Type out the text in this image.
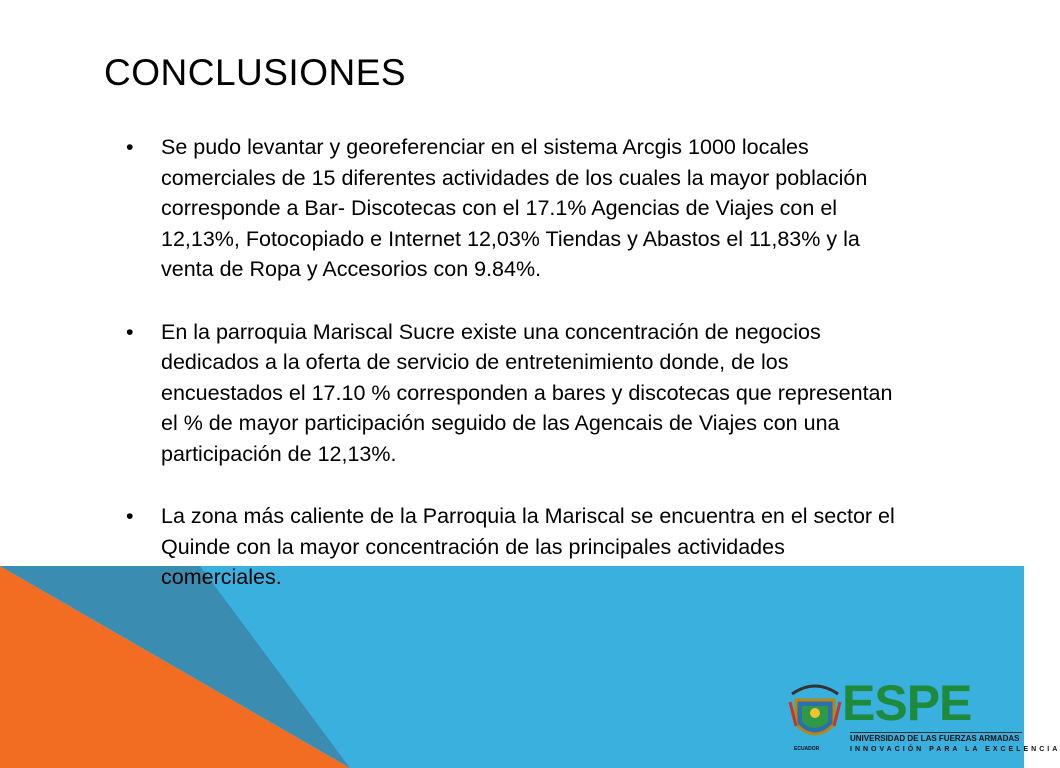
CONCLUSIONES
• Se pudo levantar y georeferenciar en el sistema Arcgis 1000 locales comerciales de 15 diferentes actividades de los cuales la mayor población corresponde a Bar- Discotecas con el 17.1% Agencias de Viajes con el 12,13%, Fotocopiado e Internet 12,03% Tiendas y Abastos el 11,83% y la venta de Ropa y Accesorios con 9.84%.
• En la parroquia Mariscal Sucre existe una concentración de negocios dedicados a la oferta de servicio de entretenimiento donde, de los encuestados el 17.10 % corresponden a bares y discotecas que representan el % de mayor participación seguido de las Agencais de Viajes con una participación de 12,13%.
• La zona más caliente de la Parroquia la Mariscal se encuentra en el sector el Quinde con la mayor concentración de las principales actividades comerciales.
ECUADOR
ESPE
UNIVERSIDAD DE LAS FUERZAS ARMADAS
INNOVACIÓN PARA LA EXCELENCIA
